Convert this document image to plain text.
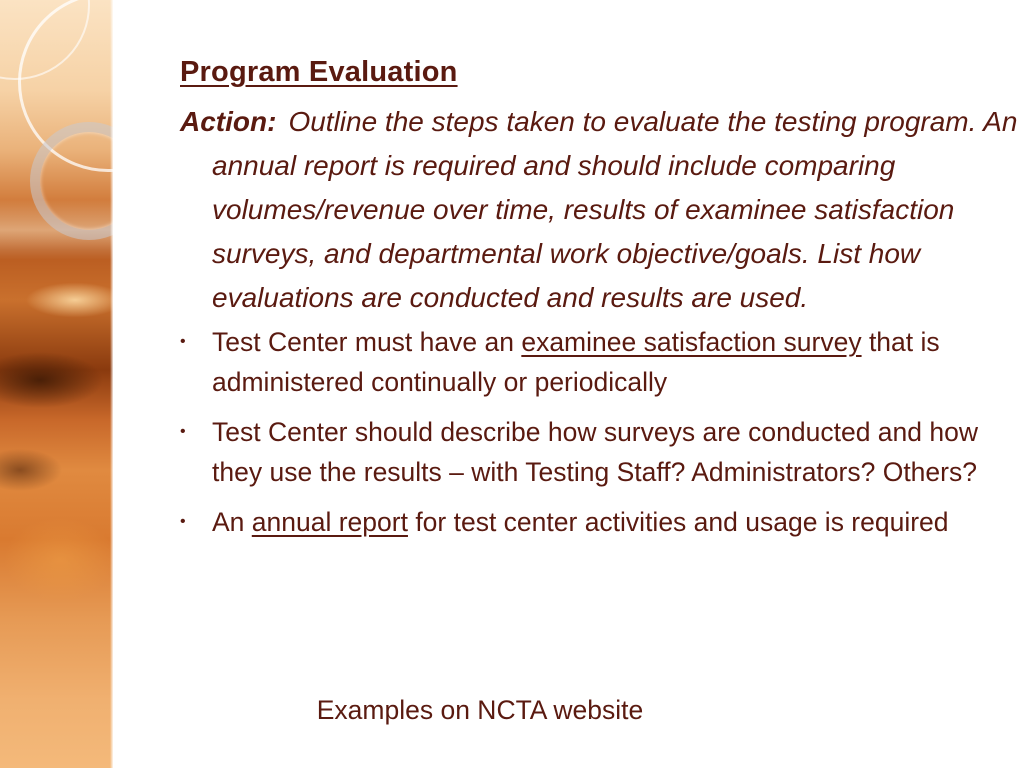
Program Evaluation
Action: Outline the steps taken to evaluate the testing program. An annual report is required and should include comparing volumes/revenue over time, results of examinee satisfaction surveys, and departmental work objective/goals. List how evaluations are conducted and results are used.
• Test Center must have an examinee satisfaction survey that is administered continually or periodically
• Test Center should describe how surveys are conducted and how they use the results – with Testing Staff? Administrators? Others?
• An annual report for test center activities and usage is required
Examples on NCTA website
